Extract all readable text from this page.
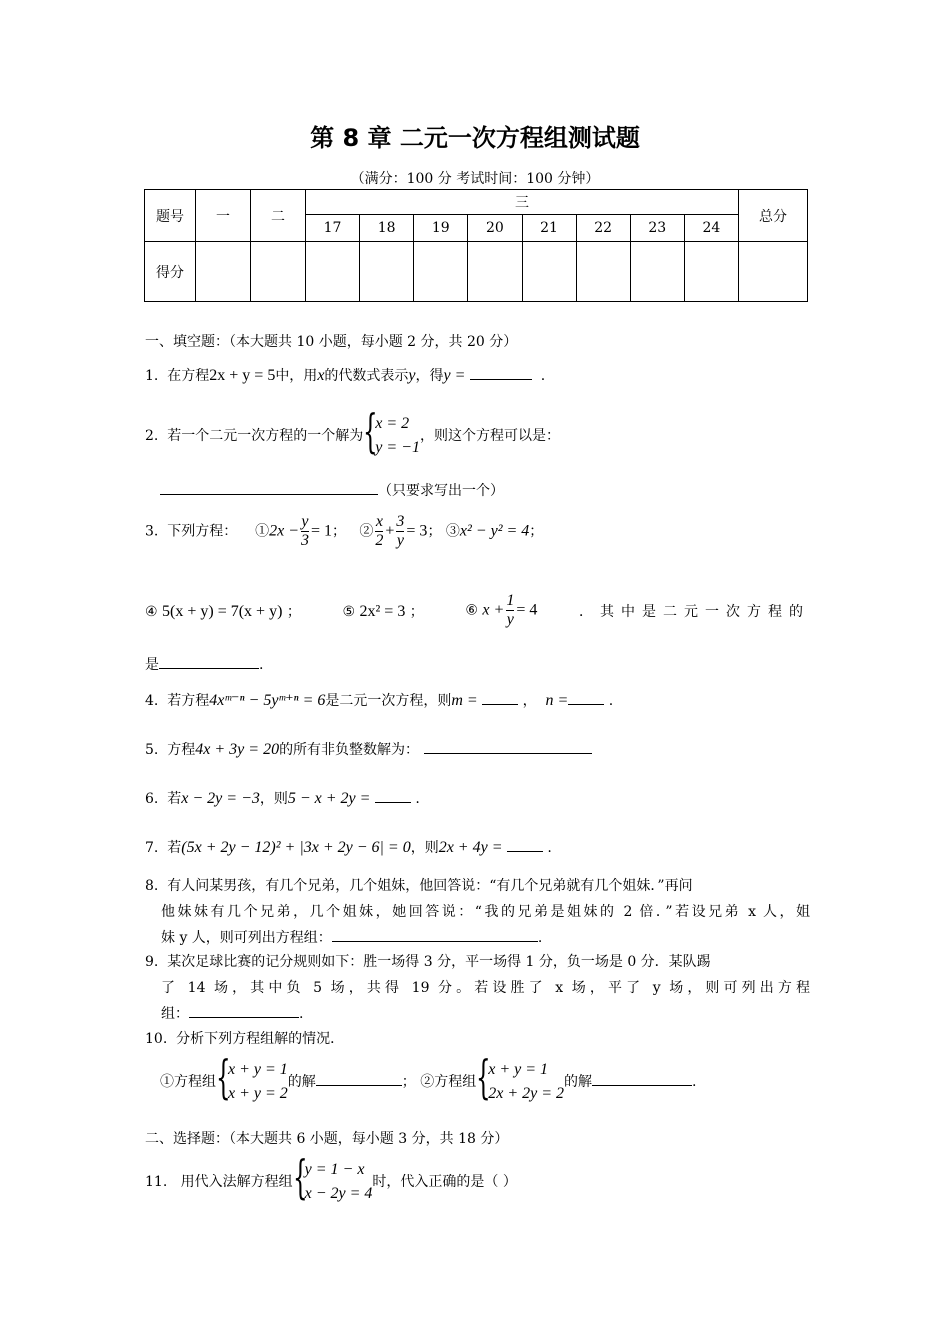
第 8 章 二元一次方程组测试题
（满分：100 分 考试时间：100 分钟）
题号	一	二	三								总分
			17	18	19	20	21	22	23	24	
得分											
一、填空题：（本大题共 10 小题，每小题 2 分，共 20 分）
1. 在方程2x + y = 5中，用x的代数式表示y，得y =	.
2. 若一个二元一次方程的一个解为 {
x = 2
y = −1
，则这个方程可以是：
（只要求写出一个）
3. 下列方程： ①2x − $\frac{y}{3} = 1$； ② $\frac{x}{2} + \frac{3}{y} = 3$； ③x² − y² = 4；
④ 5(x + y) = 7(x + y) ；	⑤ 2x² = 3 ；	⑥ $x + \frac{1}{y} = 4$	．其中是二元一次方程的
是	.
4. 若方程4xᵐ⁻ⁿ − 5yᵐ⁺ⁿ = 6是二元一次方程，则m =	， n =	.
5. 方程4x + 3y = 20的所有非负整数解为：
6. 若x − 2y = −3，则5 − x + 2y =	.
7. 若(5x + 2y − 12)² + |3x + 2y − 6| = 0，则2x + 4y =	.
8. 有人问某男孩，有几个兄弟，几个姐妹，他回答说：“有几个兄弟就有几个姐妹．”再问
他妹妹有几个兄弟，几个姐妹，她回答说：“我的兄弟是姐妹的 2 倍．”若设兄弟 x 人，姐
妹 y 人，则可列出方程组：	.
9. 某次足球比赛的记分规则如下：胜一场得 3 分，平一场得 1 分，负一场是 0 分．某队踢
了 14 场，其中负 5 场，共得 19 分。若设胜了 x 场，平了 y 场，则可列出方程
组：	.
10. 分析下列方程组解的情况．
①方程组 {
x + y = 1
x + y = 2
的解	； ②方程组 {
x + y = 1
2x + 2y = 2
的解	.
二、选择题：（本大题共 6 小题，每小题 3 分，共 18 分）
11. 用代入法解方程组 {
y = 1 − x
x − 2y = 4
时，代入正确的是（ ）
